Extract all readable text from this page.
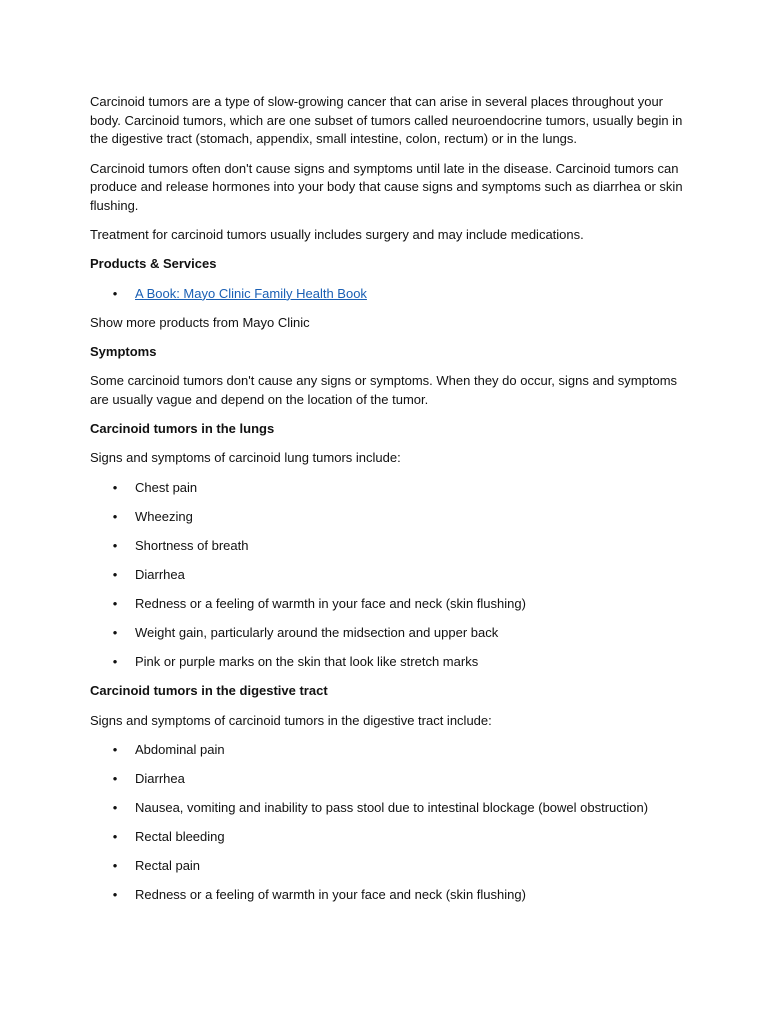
Carcinoid tumors are a type of slow-growing cancer that can arise in several places throughout your body. Carcinoid tumors, which are one subset of tumors called neuroendocrine tumors, usually begin in the digestive tract (stomach, appendix, small intestine, colon, rectum) or in the lungs.

Carcinoid tumors often don't cause signs and symptoms until late in the disease. Carcinoid tumors can produce and release hormones into your body that cause signs and symptoms such as diarrhea or skin flushing.

Treatment for carcinoid tumors usually includes surgery and may include medications.

Products & Services

• A Book: Mayo Clinic Family Health Book

Show more products from Mayo Clinic

Symptoms

Some carcinoid tumors don't cause any signs or symptoms. When they do occur, signs and symptoms are usually vague and depend on the location of the tumor.

Carcinoid tumors in the lungs

Signs and symptoms of carcinoid lung tumors include:

• Chest pain
• Wheezing
• Shortness of breath
• Diarrhea
• Redness or a feeling of warmth in your face and neck (skin flushing)
• Weight gain, particularly around the midsection and upper back
• Pink or purple marks on the skin that look like stretch marks

Carcinoid tumors in the digestive tract

Signs and symptoms of carcinoid tumors in the digestive tract include:

• Abdominal pain
• Diarrhea
• Nausea, vomiting and inability to pass stool due to intestinal blockage (bowel obstruction)
• Rectal bleeding
• Rectal pain
• Redness or a feeling of warmth in your face and neck (skin flushing)
